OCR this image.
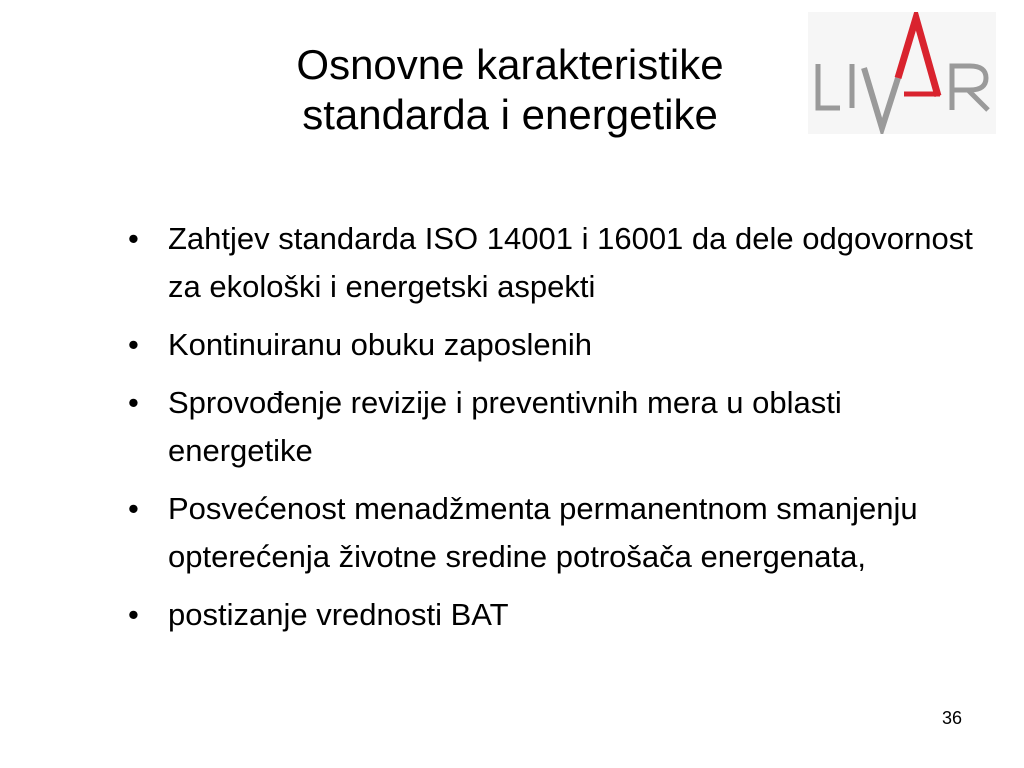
Osnovne karakteristike
standarda i energetike
• Zahtjev standarda ISO 14001 i 16001 da dele odgovornost za ekološki i energetski aspekti
• Kontinuiranu obuku zaposlenih
• Sprovođenje revizije i preventivnih mera u oblasti energetike
• Posvećenost menadžmenta permanentnom smanjenju opterećenja životne sredine potrošača energenata,
• postizanje vrednosti BAT
36
